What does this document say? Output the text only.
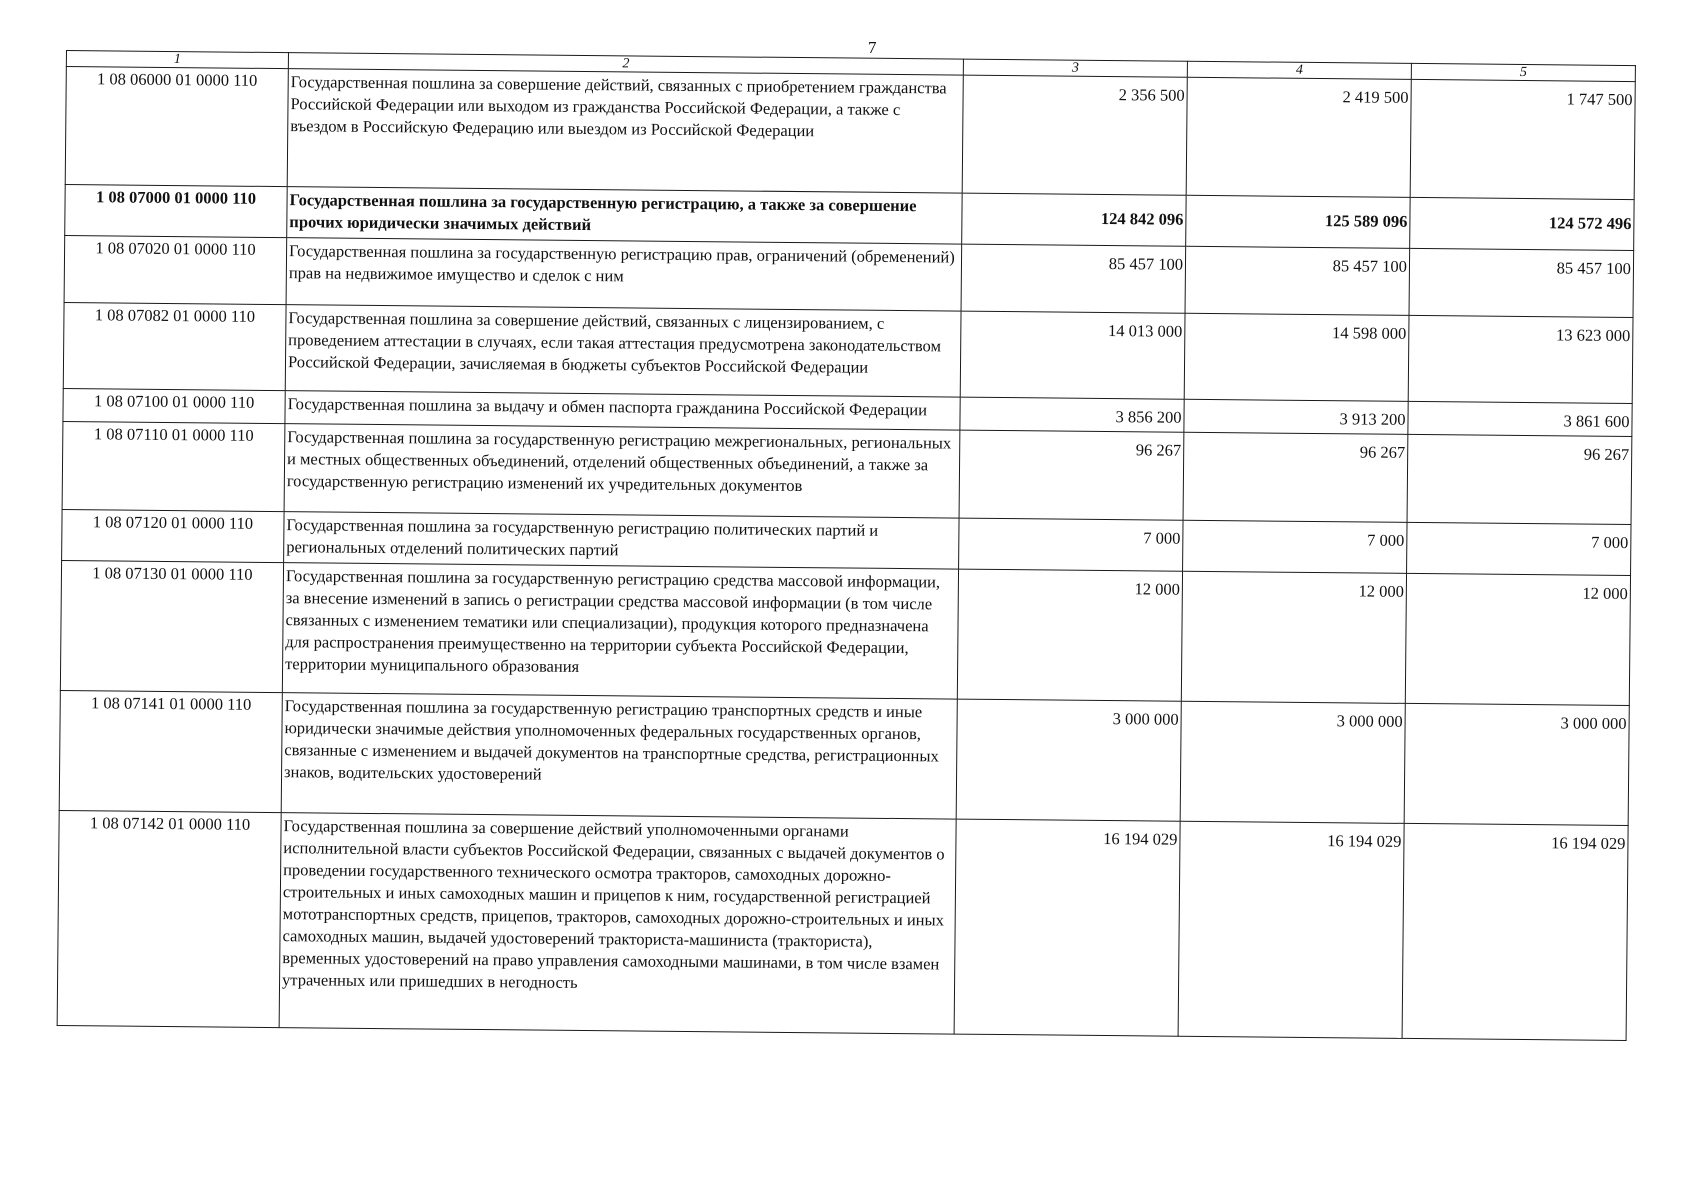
7
1	2	3	4	5
1 08 06000 01 0000 110	Государственная пошлина за совершение действий, связанных с приобретением гражданства Российской Федерации или выходом из гражданства Российской Федерации, а также с въездом в Российскую Федерацию или выездом из Российской Федерации	2 356 500	2 419 500	1 747 500
1 08 07000 01 0000 110	Государственная пошлина за государственную регистрацию, а также за совершение прочих юридически значимых действий	124 842 096	125 589 096	124 572 496
1 08 07020 01 0000 110	Государственная пошлина за государственную регистрацию прав, ограничений (обременений) прав на недвижимое имущество и сделок с ним	85 457 100	85 457 100	85 457 100
1 08 07082 01 0000 110	Государственная пошлина за совершение действий, связанных с лицензированием, с проведением аттестации в случаях, если такая аттестация предусмотрена законодательством Российской Федерации, зачисляемая в бюджеты субъектов Российской Федерации	14 013 000	14 598 000	13 623 000
1 08 07100 01 0000 110	Государственная пошлина за выдачу и обмен паспорта гражданина Российской Федерации	3 856 200	3 913 200	3 861 600
1 08 07110 01 0000 110	Государственная пошлина за государственную регистрацию межрегиональных, региональных и местных общественных объединений, отделений общественных объединений, а также за государственную регистрацию изменений их учредительных документов	96 267	96 267	96 267
1 08 07120 01 0000 110	Государственная пошлина за государственную регистрацию политических партий и региональных отделений политических партий	7 000	7 000	7 000
1 08 07130 01 0000 110	Государственная пошлина за государственную регистрацию средства массовой информации, за внесение изменений в запись о регистрации средства массовой информации (в том числе связанных с изменением тематики или специализации), продукция которого предназначена для распространения преимущественно на территории субъекта Российской Федерации, территории муниципального образования	12 000	12 000	12 000
1 08 07141 01 0000 110	Государственная пошлина за государственную регистрацию транспортных средств и иные юридически значимые действия уполномоченных федеральных государственных органов, связанные с изменением и выдачей документов на транспортные средства, регистрационных знаков, водительских удостоверений	3 000 000	3 000 000	3 000 000
1 08 07142 01 0000 110	Государственная пошлина за совершение действий уполномоченными органами исполнительной власти субъектов Российской Федерации, связанных с выдачей документов о проведении государственного технического осмотра тракторов, самоходных дорожно-строительных и иных самоходных машин и прицепов к ним, государственной регистрацией мототранспортных средств, прицепов, тракторов, самоходных дорожно-строительных и иных самоходных машин, выдачей удостоверений тракториста-машиниста (тракториста), временных удостоверений на право управления самоходными машинами, в том числе взамен утраченных или пришедших в негодность	16 194 029	16 194 029	16 194 029
